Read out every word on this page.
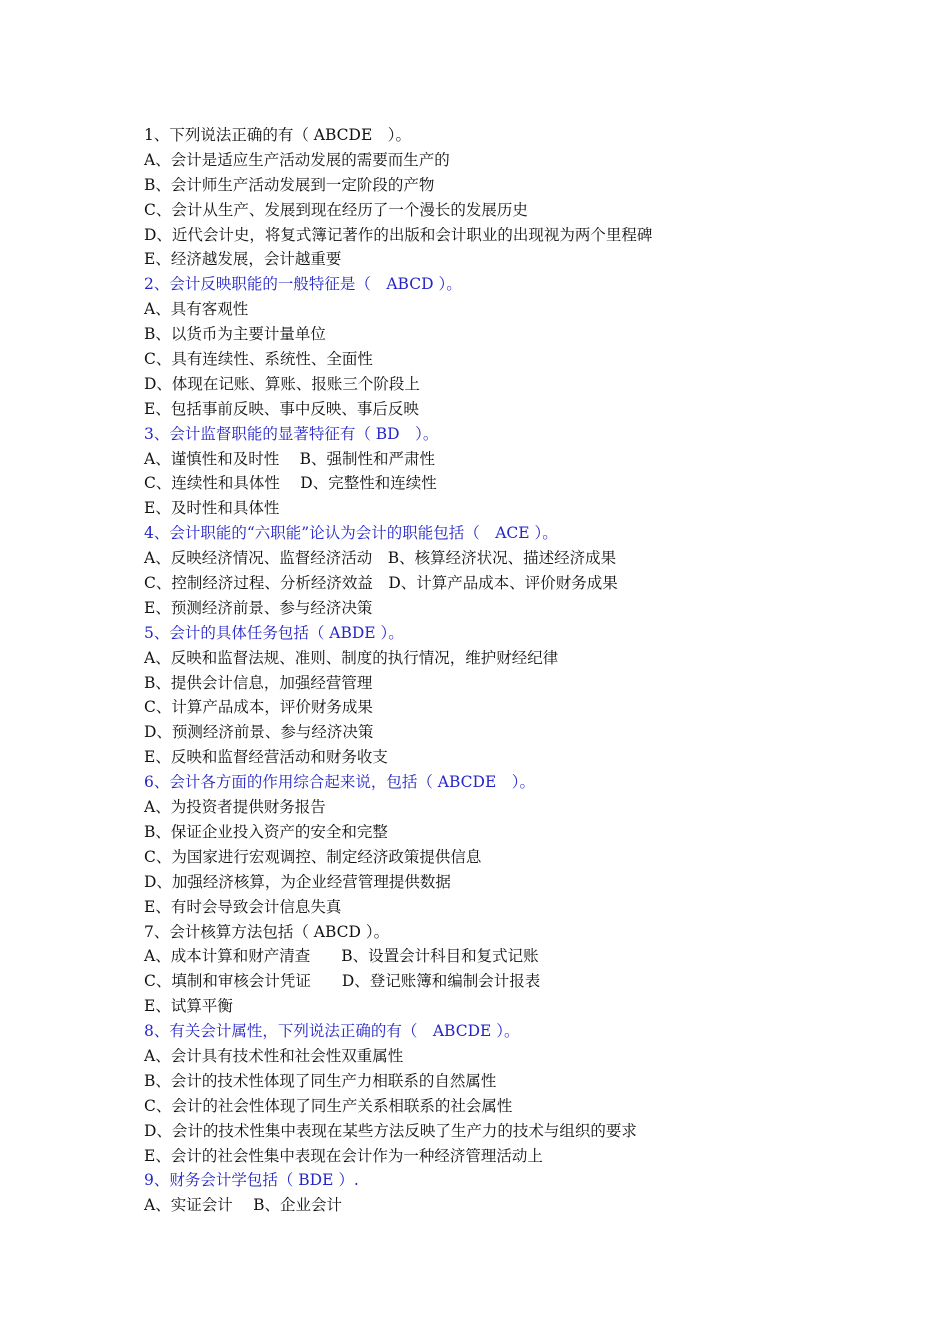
1、下列说法正确的有（ ABCDE　）。
A、会计是适应生产活动发展的需要而生产的
B、会计师生产活动发展到一定阶段的产物
C、会计从生产、发展到现在经历了一个漫长的发展历史
D、近代会计史，将复式簿记著作的出版和会计职业的出现视为两个里程碑
E、经济越发展，会计越重要
2、会计反映职能的一般特征是（　ABCD ）。
A、具有客观性
B、以货币为主要计量单位
C、具有连续性、系统性、全面性
D、体现在记账、算账、报账三个阶段上
E、包括事前反映、事中反映、事后反映
3、会计监督职能的显著特征有（ BD　）。
A、谨慎性和及时性　 B、强制性和严肃性
C、连续性和具体性　 D、完整性和连续性
E、及时性和具体性
4、会计职能的“六职能”论认为会计的职能包括（　ACE ）。
A、反映经济情况、监督经济活动　B、核算经济状况、描述经济成果
C、控制经济过程、分析经济效益　D、计算产品成本、评价财务成果
E、预测经济前景、参与经济决策
5、会计的具体任务包括（ ABDE ）。
A、反映和监督法规、准则、制度的执行情况，维护财经纪律
B、提供会计信息，加强经营管理
C、计算产品成本，评价财务成果
D、预测经济前景、参与经济决策
E、反映和监督经营活动和财务收支
6、会计各方面的作用综合起来说，包括（ ABCDE　）。
A、为投资者提供财务报告
B、保证企业投入资产的安全和完整
C、为国家进行宏观调控、制定经济政策提供信息
D、加强经济核算，为企业经营管理提供数据
E、有时会导致会计信息失真
7、会计核算方法包括（ ABCD ）。
A、成本计算和财产清查　　B、设置会计科目和复式记账
C、填制和审核会计凭证　　D、登记账簿和编制会计报表
E、试算平衡
8、有关会计属性，下列说法正确的有（　ABCDE ）。
A、会计具有技术性和社会性双重属性
B、会计的技术性体现了同生产力相联系的自然属性
C、会计的社会性体现了同生产关系相联系的社会属性
D、会计的技术性集中表现在某些方法反映了生产力的技术与组织的要求
E、会计的社会性集中表现在会计作为一种经济管理活动上
9、财务会计学包括（ BDE ）.
A、实证会计　 B、企业会计
